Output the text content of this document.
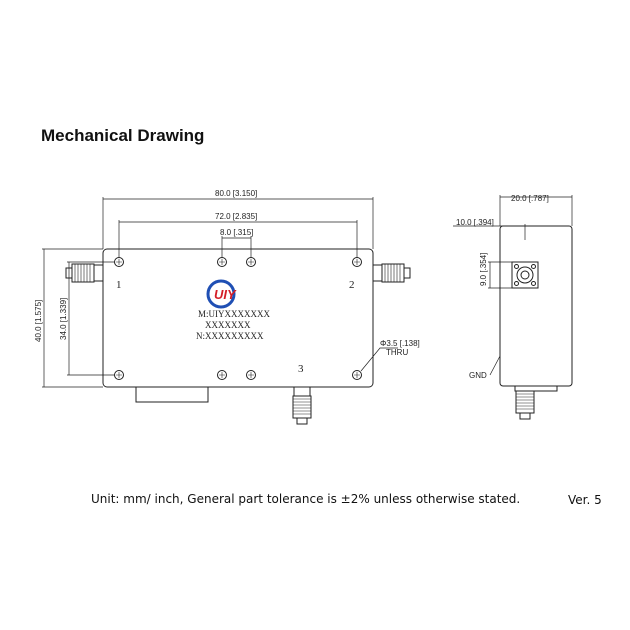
Mechanical Drawing
UIY
80.0 [3.150]
72.0 [2.835]
8.0 [.315]
40.0 [1.575] 34.0 [1.339]
Φ3.5 [.138]
THRU
20.0 [.787]
10.0 [.394]
9.0 [.354]
GND
1	2
3
M:UIYXXXXXXX
XXXXXXX
N:XXXXXXXXX
Unit: mm/ inch, General part tolerance is ±2% unless otherwise stated.	Ver. 5
